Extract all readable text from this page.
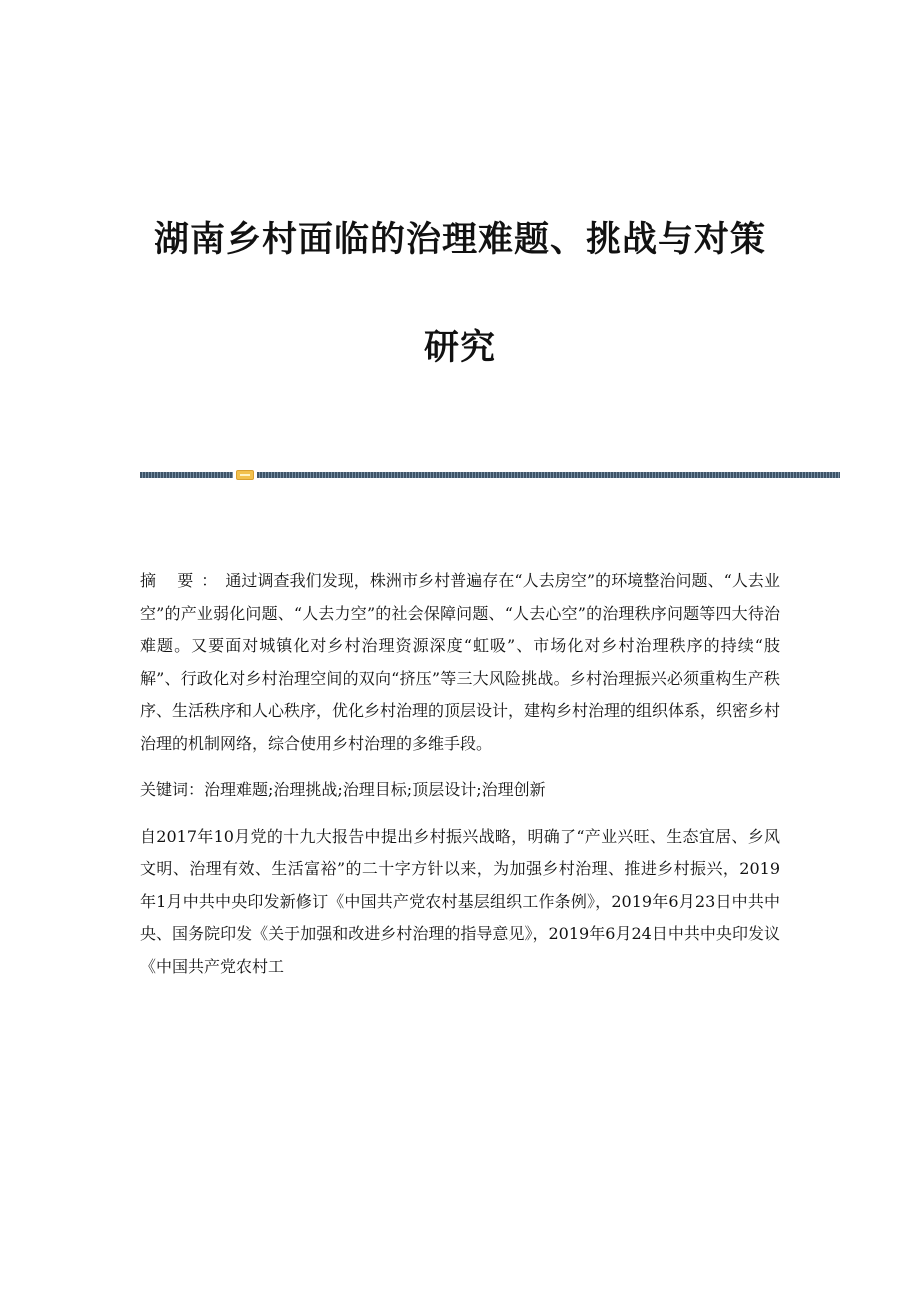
湖南乡村面临的治理难题、挑战与对策
研究

摘 要：通过调查我们发现，株洲市乡村普遍存在“人去房空”的环境整治问题、“人去业空”的产业弱化问题、“人去力空”的社会保障问题、“人去心空”的治理秩序问题等四大待治难题。又要面对城镇化对乡村治理资源深度“虹吸”、市场化对乡村治理秩序的持续“肢解”、行政化对乡村治理空间的双向“挤压”等三大风险挑战。乡村治理振兴必须重构生产秩序、生活秩序和人心秩序，优化乡村治理的顶层设计，建构乡村治理的组织体系，织密乡村治理的机制网络，综合使用乡村治理的多维手段。

关键词：治理难题;治理挑战;治理目标;顶层设计;治理创新

自2017年10月党的十九大报告中提出乡村振兴战略，明确了“产业兴旺、生态宜居、乡风文明、治理有效、生活富裕”的二十字方针以来，为加强乡村治理、推进乡村振兴，2019年1月中共中央印发新修订《中国共产党农村基层组织工作条例》，2019年6月23日中共中央、国务院印发《关于加强和改进乡村治理的指导意见》，2019年6月24日中共中央印发议《中国共产党农村工
